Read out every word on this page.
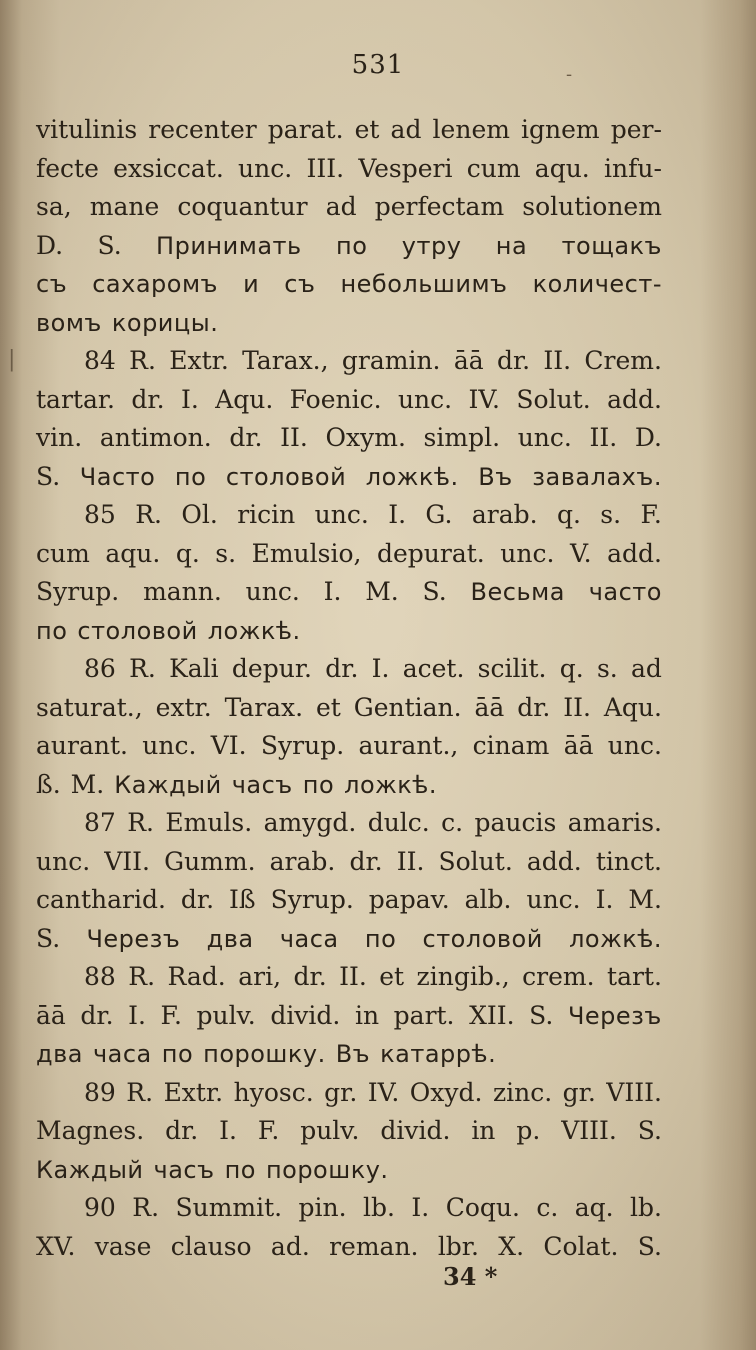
531	-
|
vitulinis recenter parat. et ad lenem ignem per-
fecte exsiccat. unc. III. Vesperi cum aqu. infu-
sa, mane coquantur ad perfectam solutionem
D. S. Принимать по утру на тощакъ
съ сахаромъ и съ небольшимъ количест-
вомъ корицы.
84 R. Extr. Tarax., gramin. āā dr. II. Crem.
tartar. dr. I. Aqu. Foenic. unc. IV. Solut. add.
vin. antimon. dr. II. Oxym. simpl. unc. II. D.
S. Часто по столовой ложкѣ. Въ завалахъ.
85 R. Ol. ricin unc. I. G. arab. q. s. F.
cum aqu. q. s. Emulsio, depurat. unc. V. add.
Syrup. mann. unc. I. M. S. Весьма часто
по столовой ложкѣ.
86 R. Kali depur. dr. I. acet. scilit. q. s. ad
saturat., extr. Tarax. et Gentian. āā dr. II. Aqu.
aurant. unc. VI. Syrup. aurant., cinam āā unc.
ß. M. Каждый часъ по ложкѣ.
87 R. Emuls. amygd. dulc. c. paucis amaris.
unc. VII. Gumm. arab. dr. II. Solut. add. tinct.
cantharid. dr. Iß Syrup. papav. alb. unc. I. M.
S. Черезъ два часа по столовой ложкѣ.
88 R. Rad. ari, dr. II. et zingib., crem. tart.
āā dr. I. F. pulv. divid. in part. XII. S. Черезъ
два часа по порошку. Въ катаррѣ.
89 R. Extr. hyosc. gr. IV. Oxyd. zinc. gr. VIII.
Magnes. dr. I. F. pulv. divid. in p. VIII. S.
Каждый часъ по порошку.
90 R. Summit. pin. lb. I. Coqu. c. aq. lb.
XV. vase clauso ad. reman. lbr. X. Colat. S.
34 *
